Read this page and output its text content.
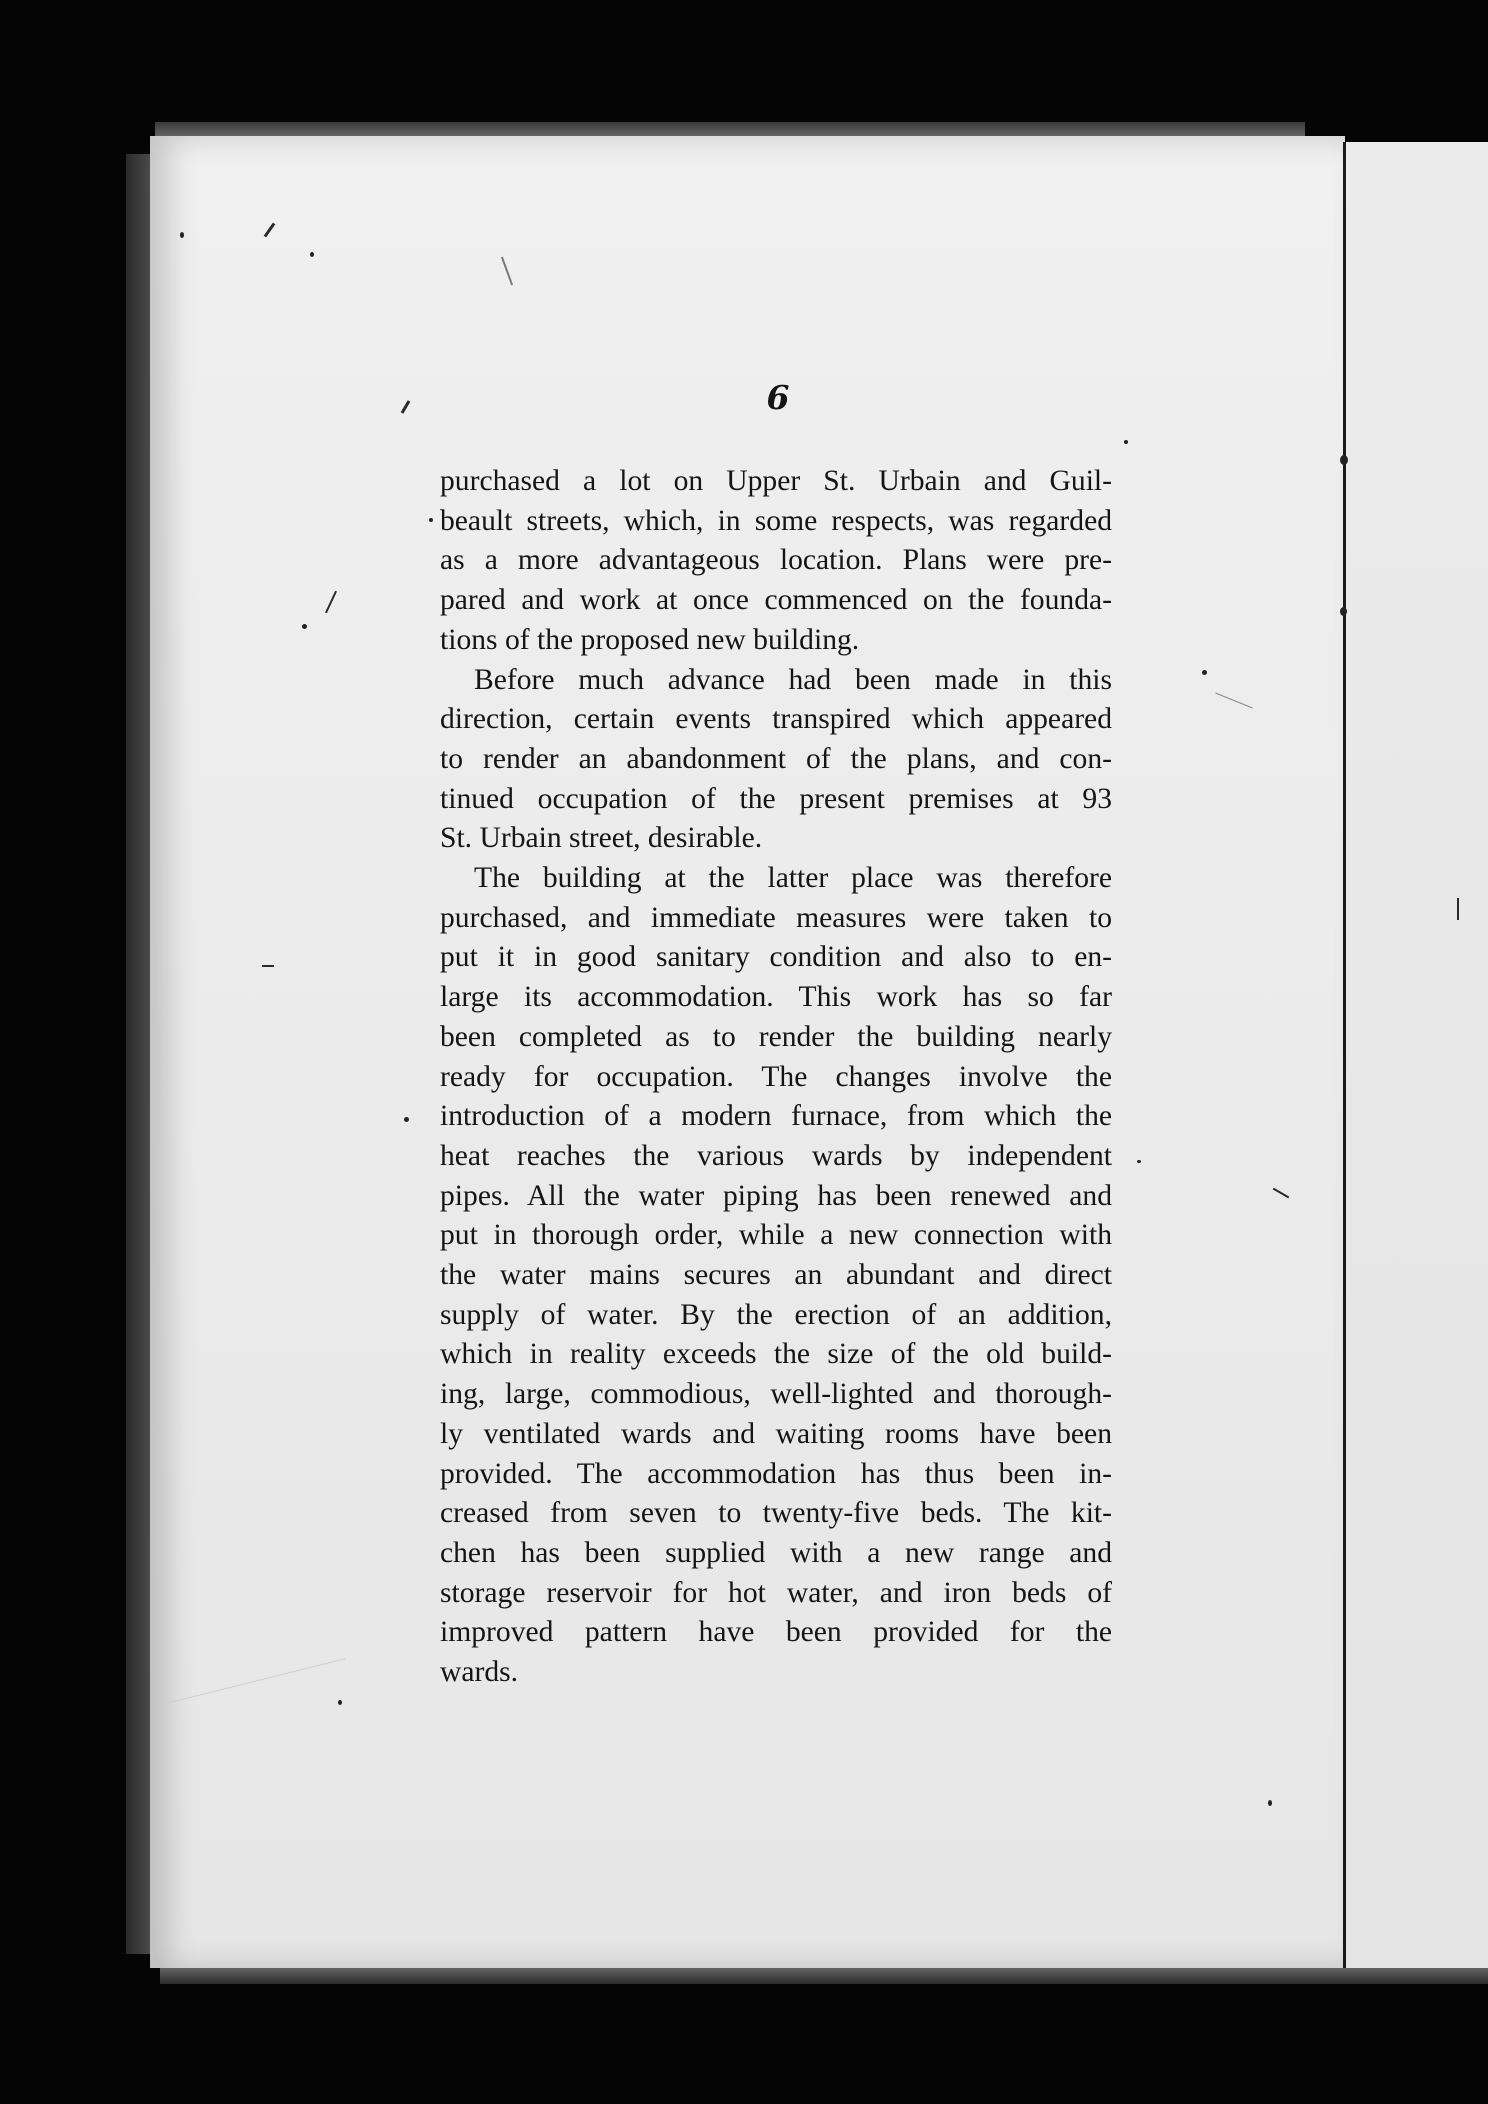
6
purchased a lot on Upper St. Urbain and Guil-
beault streets, which, in some respects, was regarded
as a more advantageous location. Plans were pre-
pared and work at once commenced on the founda-
tions of the proposed new building.
Before much advance had been made in this
direction, certain events transpired which appeared
to render an abandonment of the plans, and con-
tinued occupation of the present premises at 93
St. Urbain street, desirable.
The building at the latter place was therefore
purchased, and immediate measures were taken to
put it in good sanitary condition and also to en-
large its accommodation. This work has so far
been completed as to render the building nearly
ready for occupation. The changes involve the
introduction of a modern furnace, from which the
heat reaches the various wards by independent
pipes. All the water piping has been renewed and
put in thorough order, while a new connection with
the water mains secures an abundant and direct
supply of water. By the erection of an addition,
which in reality exceeds the size of the old build-
ing, large, commodious, well-lighted and thorough-
ly ventilated wards and waiting rooms have been
provided. The accommodation has thus been in-
creased from seven to twenty-five beds. The kit-
chen has been supplied with a new range and
storage reservoir for hot water, and iron beds of
improved pattern have been provided for the
wards.
